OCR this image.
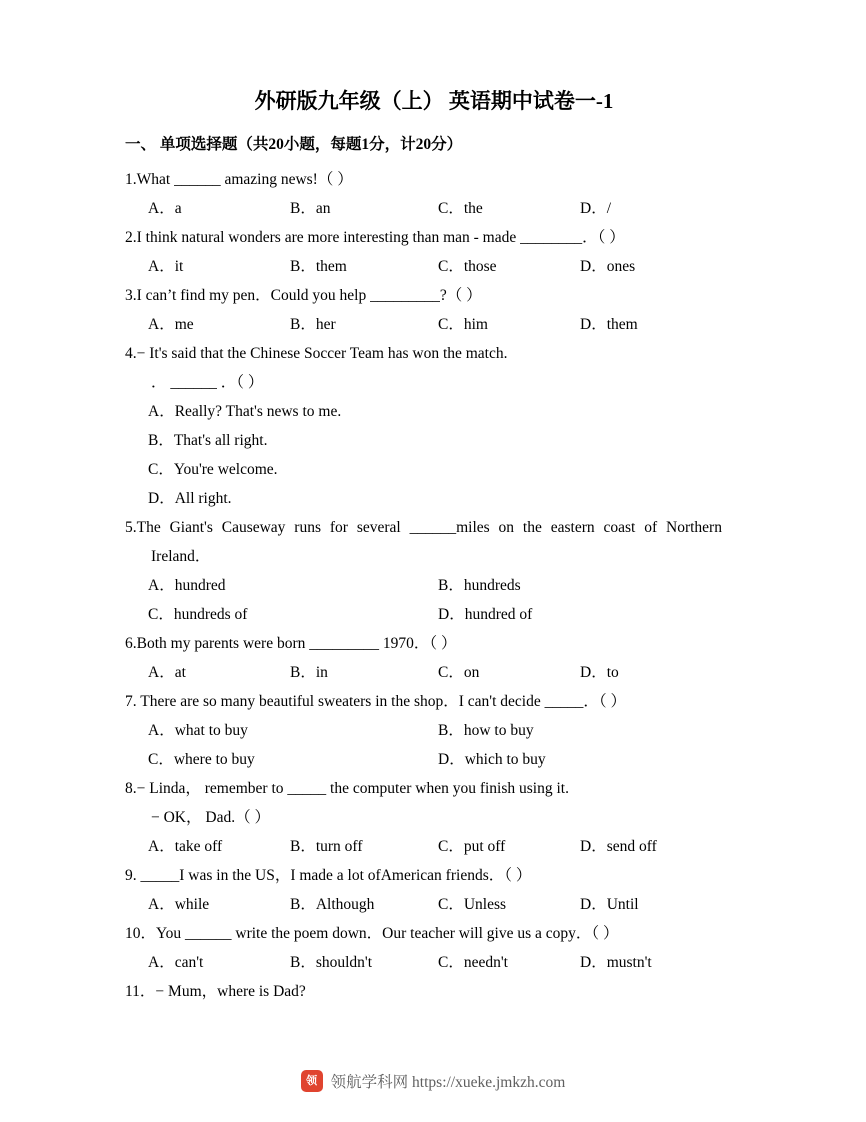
外研版九年级（上） 英语期中试卷一-1
一、 单项选择题（共20小题，每题1分，计20分）
1.What ______ amazing news!（ ）
A．a	B．an	C．the	D．/
2.I think natural wonders are more interesting than man - made ________．（ ）
A．it	B．them	C．those	D．ones
3.I can’t find my pen．Could you help _________?（ ）
A．me	B．her	C．him	D．them
4.− It's said that the Chinese Soccer Team has won the match.
． ______ ．（ ）
A．Really? That's news to me.
B．That's all right.
C．You're welcome.
D．All right.
5.The Giant's Causeway runs for several ______miles on the eastern coast of Northern
Ireland．
A．hundred	B．hundreds
C．hundreds of	D．hundred of
6.Both my parents were born _________ 1970．（ ）
A．at	B．in	C．on	D．to
7. There are so many beautiful sweaters in the shop．I can't decide _____．（ ）
A．what to buy	B．how to buy
C．where to buy	D．which to buy
8.− Linda， remember to _____ the computer when you finish using it.
− OK， Dad.（ ）
A．take off	B．turn off	C．put off	D．send off
9. _____I was in the US，I made a lot ofAmerican friends．（ ）
A．while	B．Although	C．Unless	D．Until
10．You ______ write the poem down．Our teacher will give us a copy．（ ）
A．can't	B．shouldn't	C．needn't	D．mustn't
11．− Mum，where is Dad?
领 领航学科网 https://xueke.jmkzh.com
